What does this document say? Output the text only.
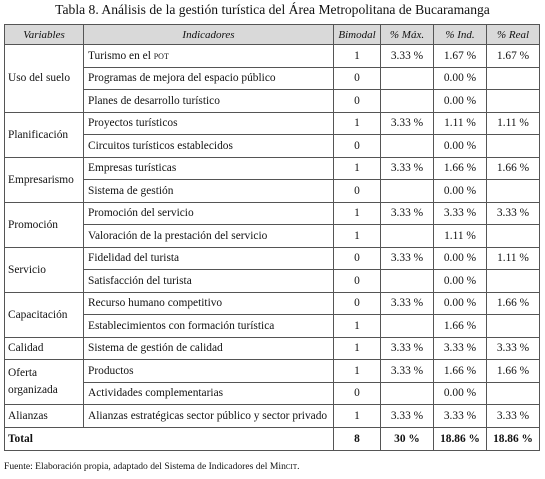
Tabla 8. Análisis de la gestión turística del Área Metropolitana de Bucaramanga
Variables	Indicadores	Bimodal	% Máx.	% Ind.	% Real
Uso del suelo	Turismo en el pot	1	3.33 %	1.67 %	1.67 %
	Programas de mejora del espacio público	0		0.00 %	
	Planes de desarrollo turístico	0		0.00 %	
Planificación	Proyectos turísticos	1	3.33 %	1.11 %	1.11 %
	Circuitos turísticos establecidos	0		0.00 %	
Empresarismo	Empresas turísticas	1	3.33 %	1.66 %	1.66 %
	Sistema de gestión	0		0.00 %	
Promoción	Promoción del servicio	1	3.33 %	3.33 %	3.33 %
	Valoración de la prestación del servicio	1		1.11 %	
Servicio	Fidelidad del turista	0	3.33 %	0.00 %	1.11 %
	Satisfacción del turista	0		0.00 %	
Capacitación	Recurso humano competitivo	0	3.33 %	0.00 %	1.66 %
	Establecimientos con formación turística	1		1.66 %	
Calidad	Sistema de gestión de calidad	1	3.33 %	3.33 %	3.33 %
Oferta organizada	Productos	1	3.33 %	1.66 %	1.66 %
	Actividades complementarias	0		0.00 %	
Alianzas	Alianzas estratégicas sector público y sector privado	1	3.33 %	3.33 %	3.33 %
Total		8	30 %	18.86 %	18.86 %
Fuente: Elaboración propia, adaptado del Sistema de Indicadores del Mincit.
